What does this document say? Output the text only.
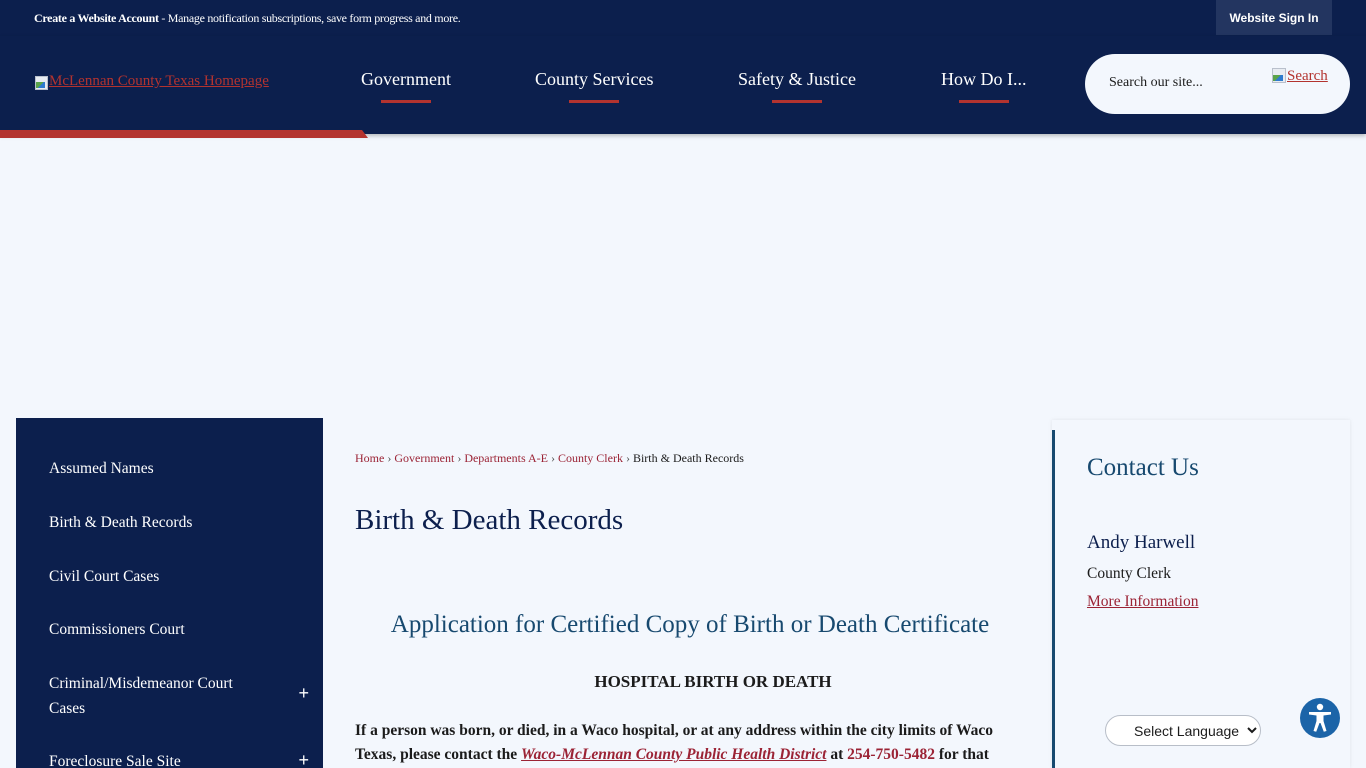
Create a Website Account - Manage notification subscriptions, save form progress and more.	Website Sign In
McLennan County Texas Homepage	Government	County Services	Safety & Justice	How Do I...
Search our site...	Search
Assumed Names
Birth & Death Records
Civil Court Cases
Commissioners Court
Criminal/Misdemeanor Court Cases
+
Foreclosure Sale Site	+
Home › Government › Departments A-E › County Clerk › Birth & Death Records
Birth & Death Records
Application for Certified Copy of Birth or Death Certificate
HOSPITAL BIRTH OR DEATH

If a person was born, or died, in a Waco hospital, or at any address within the city limits of Waco Texas, please contact the Waco-McLennan County Public Health District at 254-750-5482 for that

Contact Us
Andy Harwell
County Clerk
More Information
Select Language
